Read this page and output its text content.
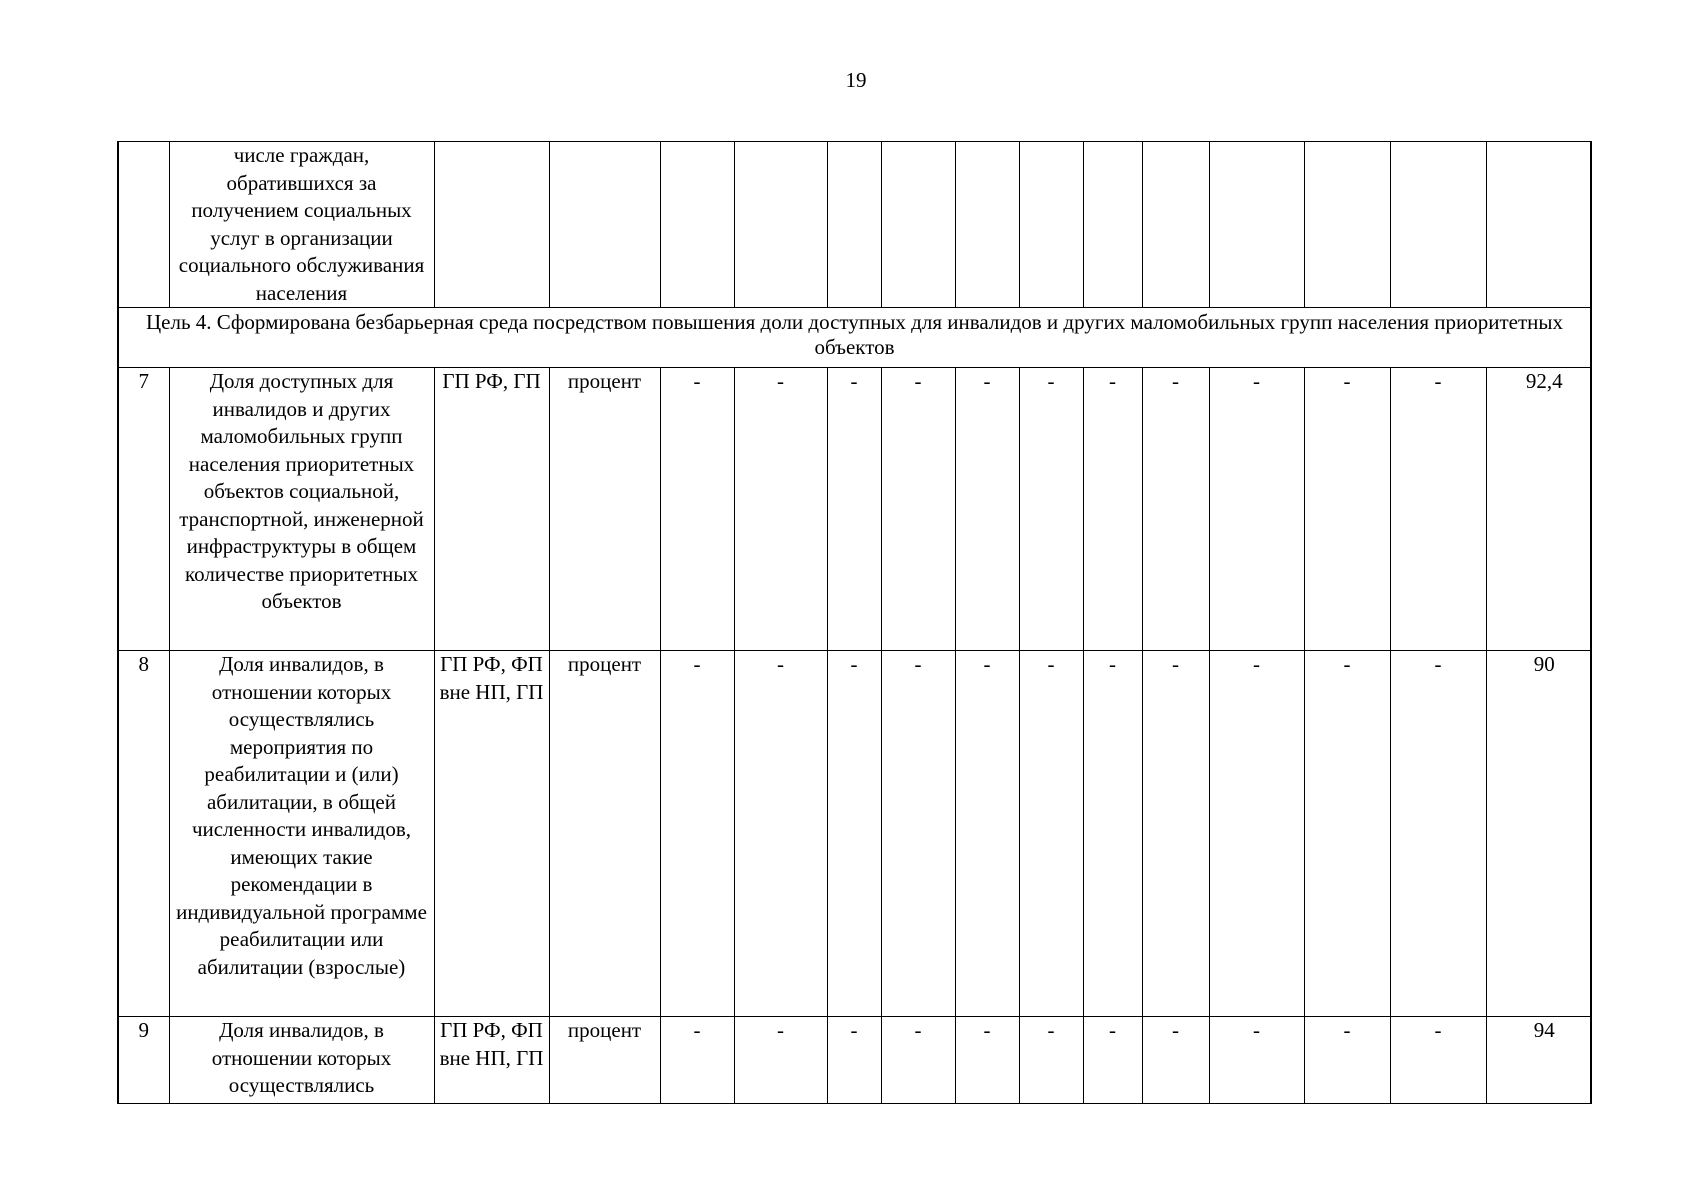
19
	числе граждан, обратившихся за получением социальных услуг в организации социального обслуживания населения														
Цель 4. Сформирована безбарьерная среда посредством повышения доли доступных для инвалидов и других маломобильных групп населения приоритетных объектов															
7	Доля доступных для инвалидов и других маломобильных групп населения приоритетных объектов социальной, транспортной, инженерной инфраструктуры в общем количестве приоритетных объектов	ГП РФ, ГП	процент	-	-	-	-	-	-	-	-	-	-	-	92,4
8	Доля инвалидов, в отношении которых осуществлялись мероприятия по реабилитации и (или) абилитации, в общей численности инвалидов, имеющих такие рекомендации в индивидуальной программе реабилитации или абилитации (взрослые)	ГП РФ, ФП вне НП, ГП	процент	-	-	-	-	-	-	-	-	-	-	-	90
9	Доля инвалидов, в отношении которых осуществлялись	ГП РФ, ФП вне НП, ГП	процент	-	-	-	-	-	-	-	-	-	-	-	94
